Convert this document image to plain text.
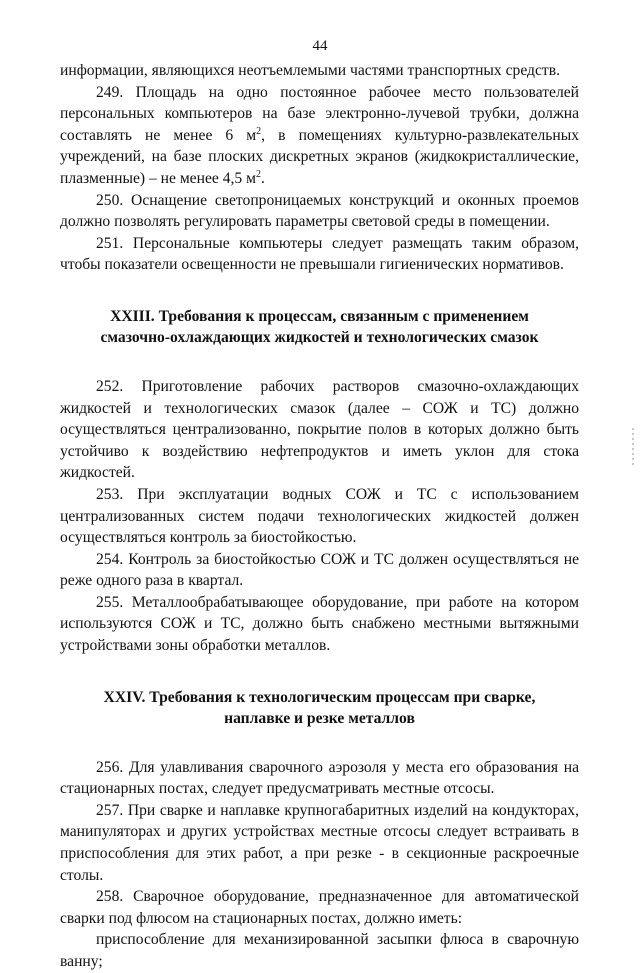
44

информации, являющихся неотъемлемыми частями транспортных средств.

249. Площадь на одно постоянное рабочее место пользователей персональных компьютеров на базе электронно-лучевой трубки, должна составлять не менее 6 $м^2$, в помещениях культурно-развлекательных учреждений, на базе плоских дискретных экранов (жидкокристаллические, плазменные) – не менее 4,5 $м^2$.

250. Оснащение светопроницаемых конструкций и оконных проемов должно позволять регулировать параметры световой среды в помещении.

251. Персональные компьютеры следует размещать таким образом, чтобы показатели освещенности не превышали гигиенических нормативов.

XXIII. Требования к процессам, связанным с применением
смазочно-охлаждающих жидкостей и технологических смазок

252. Приготовление рабочих растворов смазочно-охлаждающих жидкостей и технологических смазок (далее – СОЖ и ТС) должно осуществляться централизованно, покрытие полов в которых должно быть устойчиво к воздействию нефтепродуктов и иметь уклон для стока жидкостей.

253. При эксплуатации водных СОЖ и ТС с использованием централизованных систем подачи технологических жидкостей должен осуществляться контроль за биостойкостью.

254. Контроль за биостойкостью СОЖ и ТС должен осуществляться не реже одного раза в квартал.

255. Металлообрабатывающее оборудование, при работе на котором используются СОЖ и ТС, должно быть снабжено местными вытяжными устройствами зоны обработки металлов.

XXIV. Требования к технологическим процессам при сварке,
наплавке и резке металлов

256. Для улавливания сварочного аэрозоля у места его образования на стационарных постах, следует предусматривать местные отсосы.

257. При сварке и наплавке крупногабаритных изделий на кондукторах, манипуляторах и других устройствах местные отсосы следует встраивать в приспособления для этих работ, а при резке - в секционные раскроечные столы.

258. Сварочное оборудование, предназначенное для автоматической сварки под флюсом на стационарных постах, должно иметь:

приспособление для механизированной засыпки флюса в сварочную ванну;
